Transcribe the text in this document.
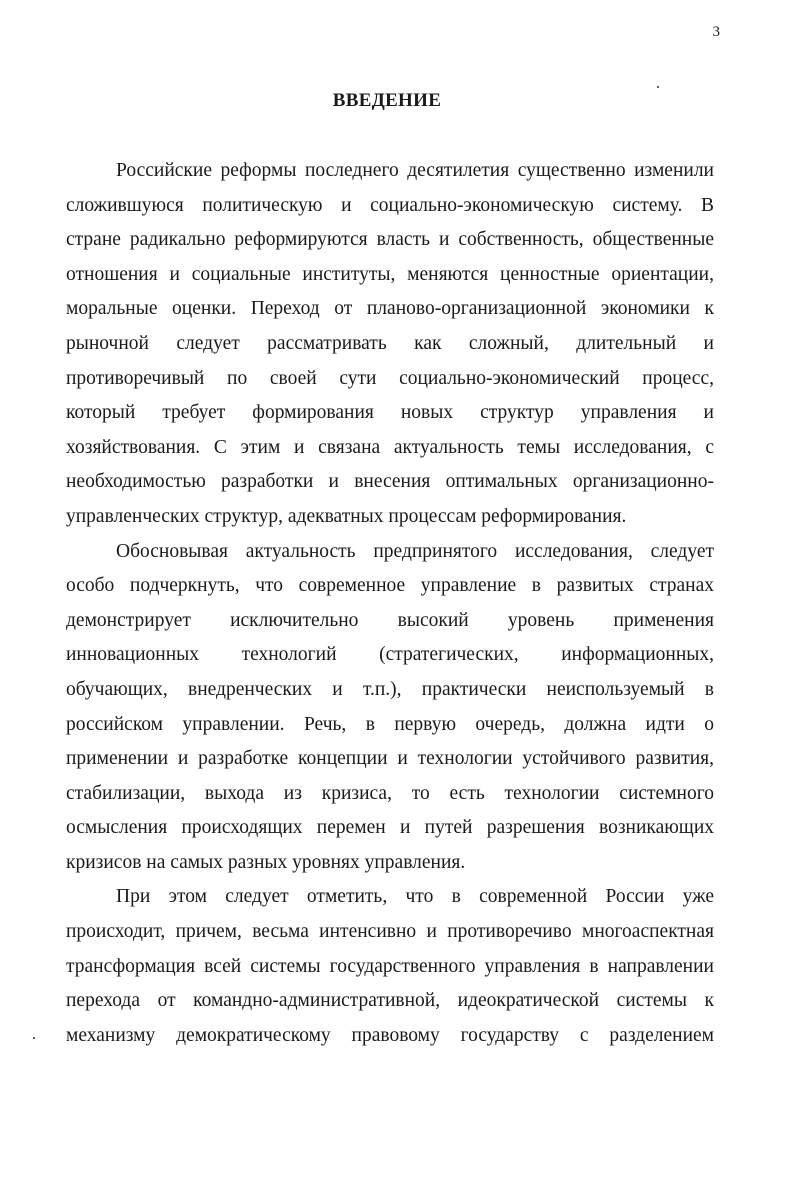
3
ВВЕДЕНИЕ
Российские реформы последнего десятилетия существенно изменили
сложившуюся политическую и социально-экономическую систему. В
стране радикально реформируются власть и собственность, общественные
отношения и социальные институты, меняются ценностные ориентации,
моральные оценки. Переход от планово-организационной экономики к
рыночной следует рассматривать как сложный, длительный и
противоречивый по своей сути социально-экономический процесс,
который требует формирования новых структур управления и
хозяйствования. С этим и связана актуальность темы исследования, с
необходимостью разработки и внесения оптимальных организационно-
управленческих структур, адекватных процессам реформирования.
Обосновывая актуальность предпринятого исследования, следует
особо подчеркнуть, что современное управление в развитых странах
демонстрирует исключительно высокий уровень применения
инновационных технологий (стратегических, информационных,
обучающих, внедренческих и т.п.), практически неиспользуемый в
российском управлении. Речь, в первую очередь, должна идти о
применении и разработке концепции и технологии устойчивого развития,
стабилизации, выхода из кризиса, то есть технологии системного
осмысления происходящих перемен и путей разрешения возникающих
кризисов на самых разных уровнях управления.
При этом следует отметить, что в современной России уже
происходит, причем, весьма интенсивно и противоречиво многоаспектная
трансформация всей системы государственного управления в направлении
перехода от командно-административной, идеократической системы к
механизму демократическому правовому государству с разделением
